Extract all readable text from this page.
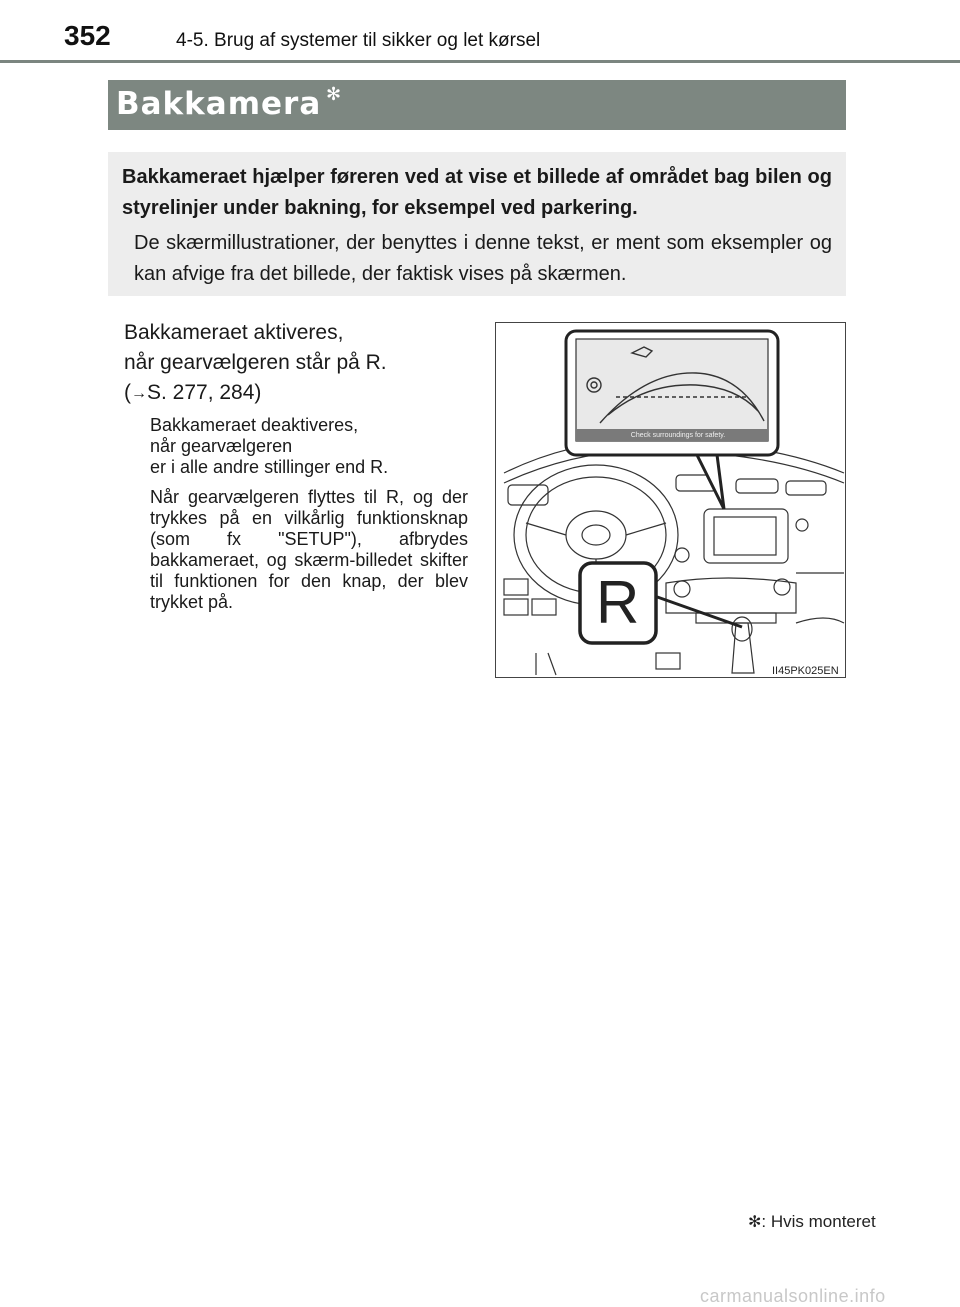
352	4-5. Brug af systemer til sikker og let kørsel
Bakkamera ✻
Bakkameraet hjælper føreren ved at vise et billede af området bag bilen og styrelinjer under bakning, for eksempel ved parkering.
De skærmillustrationer, der benyttes i denne tekst, er ment som eksempler og kan afvige fra det billede, der faktisk vises på skærmen.
Bakkameraet aktiveres,
når gearvælgeren står på R.
(→S. 277, 284)
Bakkameraet deaktiveres,
når gearvælgeren
er i alle andre stillinger end R.
Når gearvælgeren flyttes til R, og der trykkes på en vilkårlig funktionsknap (som fx "SETUP"), afbrydes bakkameraet, og skærm-billedet skifter til funktionen for den knap, der blev trykket på.
Check surroundings for safety.
R
II45PK025EN
✻: Hvis monteret
carmanualsonline.info
